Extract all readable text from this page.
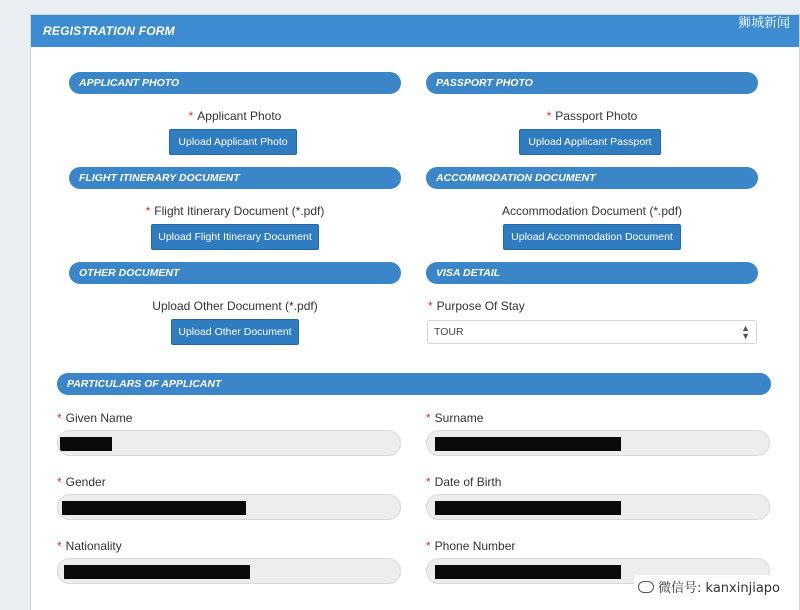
REGISTRATION FORM
APPLICANT PHOTO	PASSPORT PHOTO
* Applicant Photo	* Passport Photo
Upload Applicant Photo	Upload Applicant Passport
FLIGHT ITINERARY DOCUMENT	ACCOMMODATION DOCUMENT
* Flight Itinerary Document (*.pdf)	Accommodation Document (*.pdf)
Upload Flight Itinerary Document	Upload Accommodation Document
OTHER DOCUMENT	VISA DETAIL
Upload Other Document (*.pdf)	* Purpose Of Stay
Upload Other Document	TOUR	▲
▼
PARTICULARS OF APPLICANT
* Given Name	* Surname
* Gender	* Date of Birth
* Nationality	* Phone Number
狮城新闻
微信号: kanxinjiapo
